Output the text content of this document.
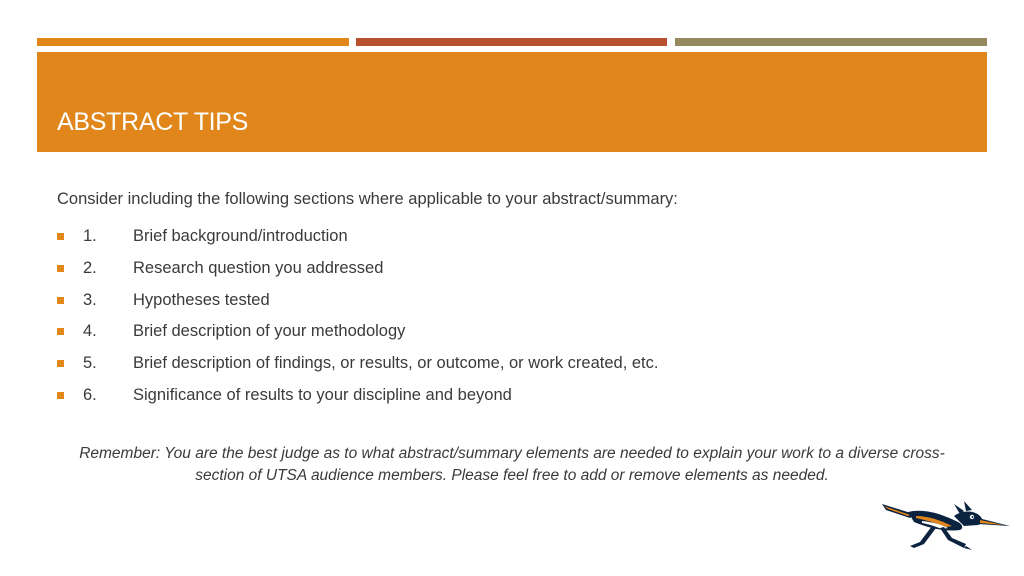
ABSTRACT TIPS
Consider including the following sections where applicable to your abstract/summary:
1.	Brief background/introduction
2.	Research question you addressed
3.	Hypotheses tested
4.	Brief description of your methodology
5.	Brief description of findings, or results, or outcome, or work created, etc.
6.	Significance of results to your discipline and beyond
Remember: You are the best judge as to what abstract/summary elements are needed to explain your work to a diverse cross-
section of UTSA audience members. Please feel free to add or remove elements as needed.
